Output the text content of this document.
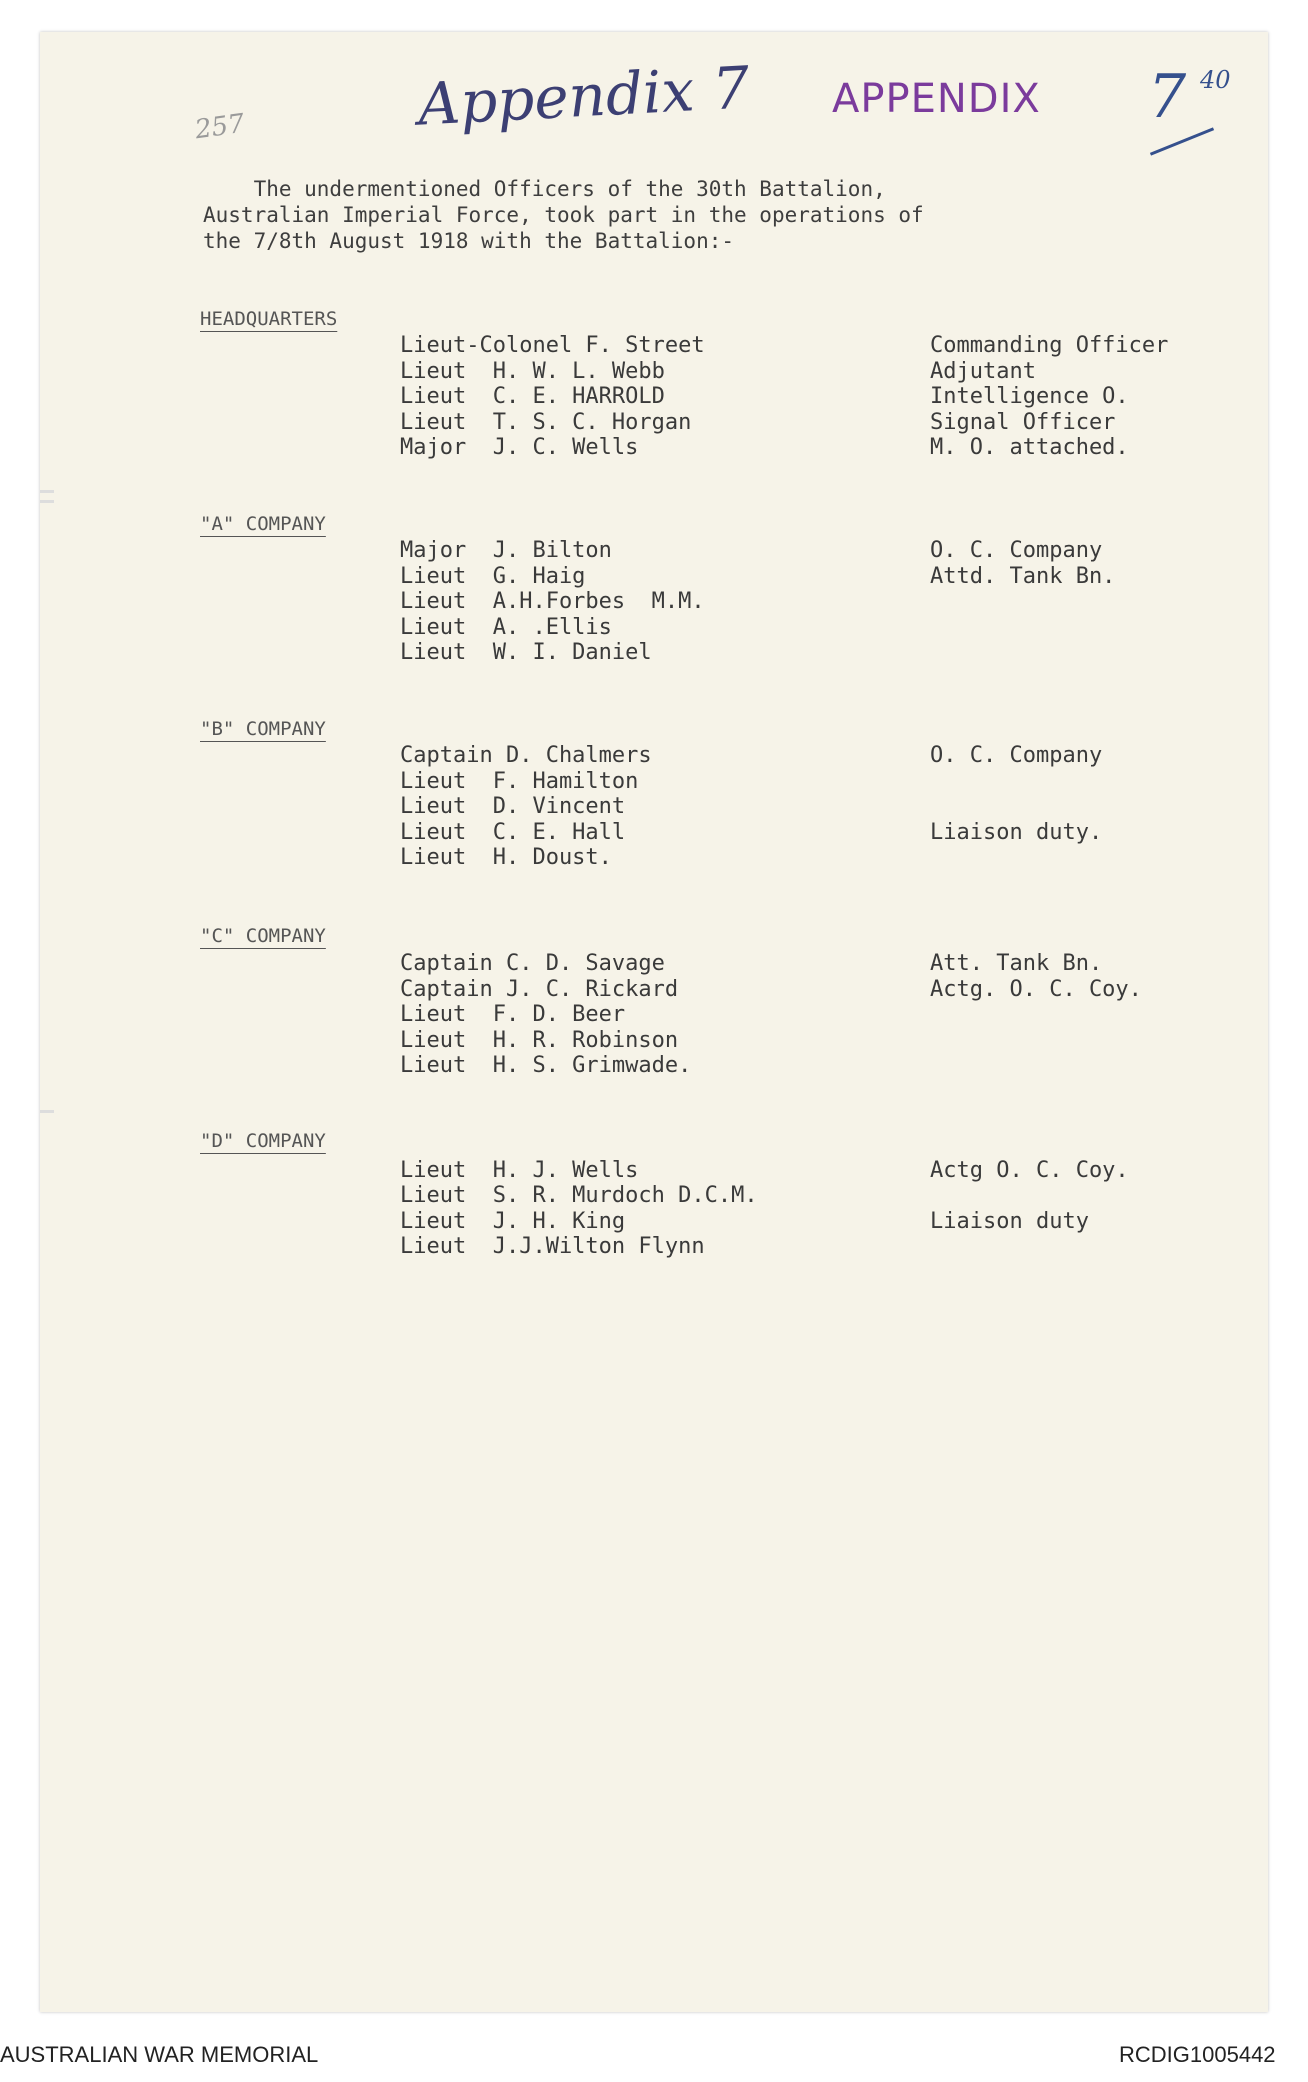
257	Appendix 7 APPENDIX 7 40
The undermentioned Officers of the 30th Battalion,
Australian Imperial Force, took part in the operations of
the 7/8th August 1918 with the Battalion:-
HEADQUARTERS
Lieut-Colonel F. Street
Lieut  H. W. L. Webb
Lieut  C. E. HARROLD
Lieut  T. S. C. Horgan
Major  J. C. Wells
Commanding Officer
Adjutant
Intelligence O.
Signal Officer
M. O. attached.
"A" COMPANY
Major  J. Bilton
Lieut  G. Haig
Lieut  A.H.Forbes  M.M.
Lieut  A. .Ellis
Lieut  W. I. Daniel
O. C. Company
Attd. Tank Bn.
"B" COMPANY
Captain D. Chalmers
Lieut  F. Hamilton
Lieut  D. Vincent
Lieut  C. E. Hall
Lieut  H. Doust.
O. C. Company
Liaison duty.
"C" COMPANY
Captain C. D. Savage
Captain J. C. Rickard
Lieut  F. D. Beer
Lieut  H. R. Robinson
Lieut  H. S. Grimwade.
Att. Tank Bn.
Actg. O. C. Coy.
"D" COMPANY
Lieut  H. J. Wells
Lieut  S. R. Murdoch D.C.M.
Lieut  J. H. King
Lieut  J.J.Wilton Flynn
Actg O. C. Coy.
Liaison duty
AUSTRALIAN WAR MEMORIAL	RCDIG1005442
